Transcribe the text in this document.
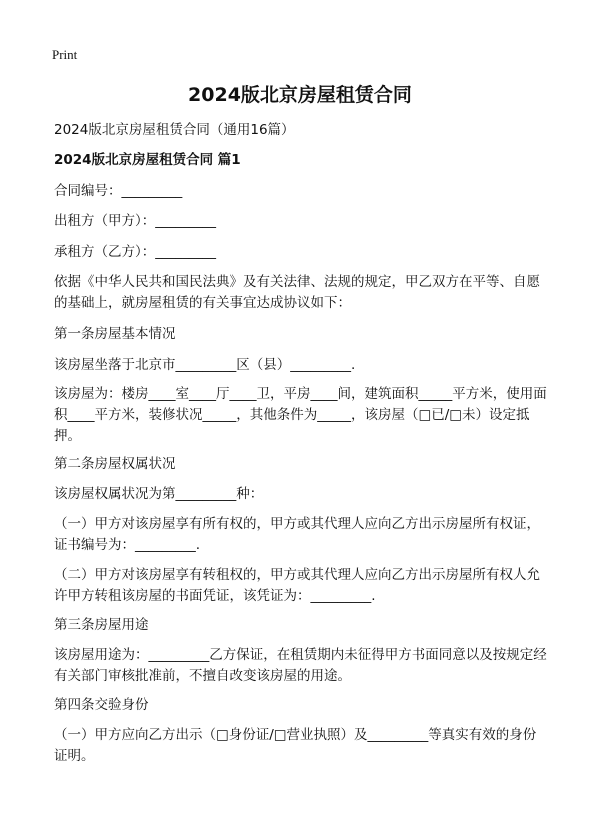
Print
2024版北京房屋租赁合同
2024版北京房屋租赁合同（通用16篇）
2024版北京房屋租赁合同 篇1
合同编号：_________
出租方（甲方）：_________
承租方（乙方）：_________
依据《中华人民共和国民法典》及有关法律、法规的规定，甲乙双方在平等、自愿的基础上，就房屋租赁的有关事宜达成协议如下：
第一条房屋基本情况
该房屋坐落于北京市_________区（县）_________.
该房屋为：楼房____室____厅____卫，平房____间，建筑面积_____平方米，使用面积____平方米，装修状况_____，其他条件为_____，该房屋（□已/□未）设定抵押。
第二条房屋权属状况
该房屋权属状况为第_________种：
（一）甲方对该房屋享有所有权的，甲方或其代理人应向乙方出示房屋所有权证，证书编号为：_________.
（二）甲方对该房屋享有转租权的，甲方或其代理人应向乙方出示房屋所有权人允许甲方转租该房屋的书面凭证，该凭证为：_________.
第三条房屋用途
该房屋用途为：_________乙方保证，在租赁期内未征得甲方书面同意以及按规定经有关部门审核批准前，不擅自改变该房屋的用途。
第四条交验身份
（一）甲方应向乙方出示（□身份证/□营业执照）及_________等真实有效的身份证明。
